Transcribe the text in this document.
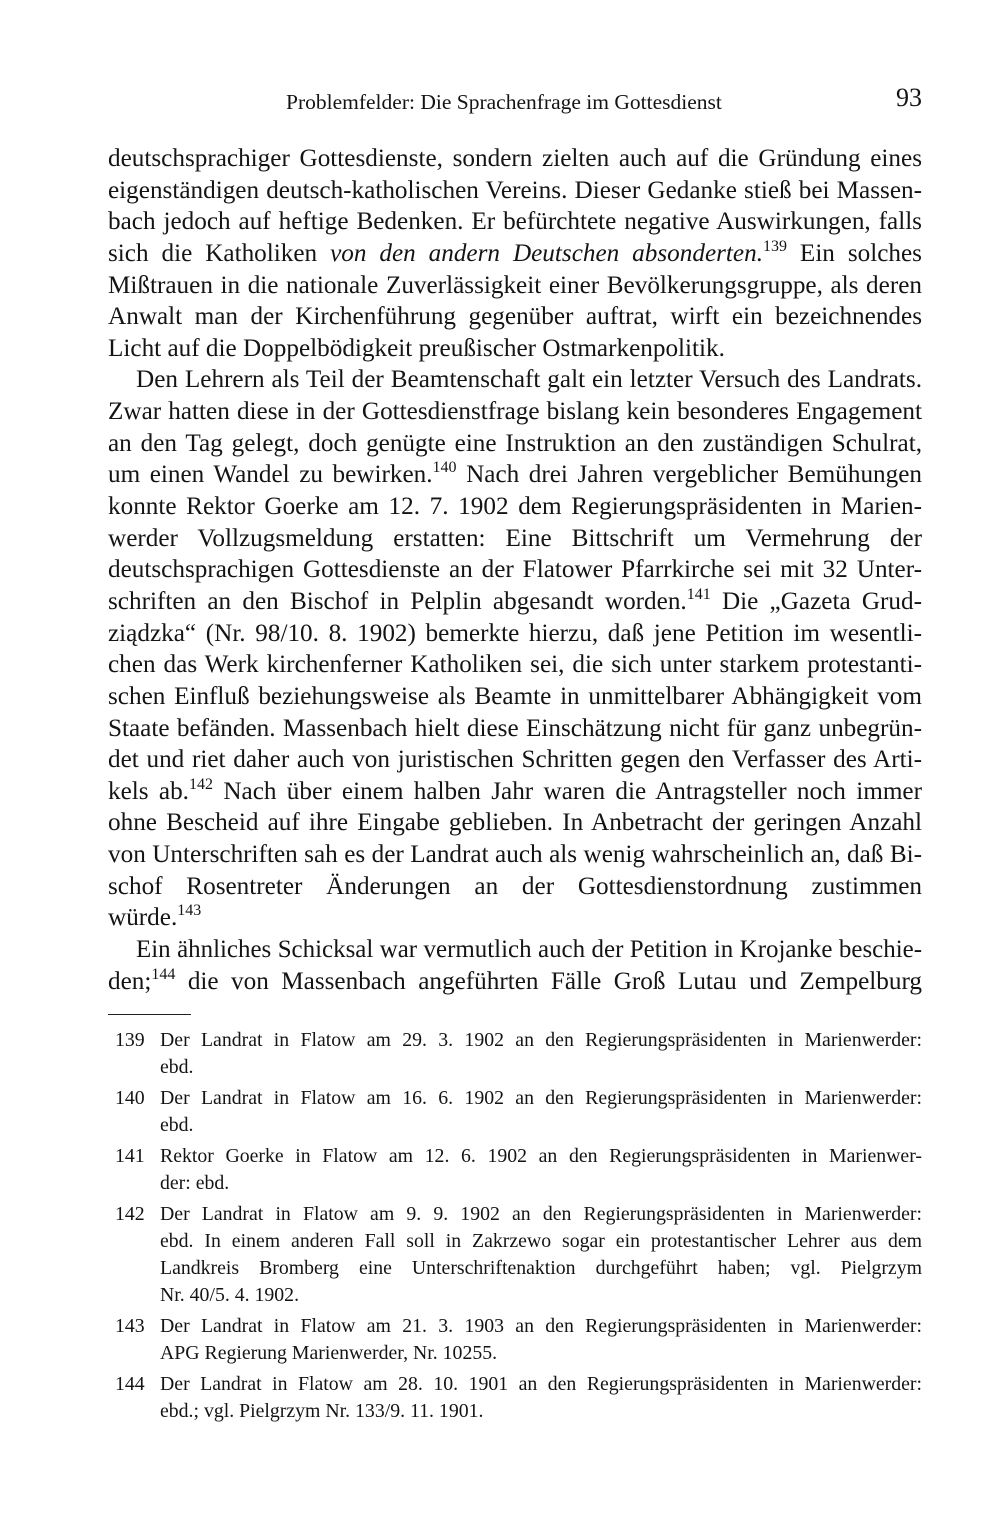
Problemfelder: Die Sprachenfrage im Gottesdienst	93
deutschsprachiger Gottesdienste, sondern zielten auch auf die Gründung eines
eigenständigen deutsch-katholischen Vereins. Dieser Gedanke stieß bei Massen-
bach jedoch auf heftige Bedenken. Er befürchtete negative Auswirkungen, falls
sich die Katholiken von den andern Deutschen absonderten.$^{139}$ Ein solches
Mißtrauen in die nationale Zuverlässigkeit einer Bevölkerungsgruppe, als deren
Anwalt man der Kirchenführung gegenüber auftrat, wirft ein bezeichnendes
Licht auf die Doppelbödigkeit preußischer Ostmarkenpolitik.
Den Lehrern als Teil der Beamtenschaft galt ein letzter Versuch des Landrats.
Zwar hatten diese in der Gottesdienstfrage bislang kein besonderes Engagement
an den Tag gelegt, doch genügte eine Instruktion an den zuständigen Schulrat,
um einen Wandel zu bewirken.$^{140}$ Nach drei Jahren vergeblicher Bemühungen
konnte Rektor Goerke am 12. 7. 1902 dem Regierungspräsidenten in Marien-
werder Vollzugsmeldung erstatten: Eine Bittschrift um Vermehrung der
deutschsprachigen Gottesdienste an der Flatower Pfarrkirche sei mit 32 Unter-
schriften an den Bischof in Pelplin abgesandt worden.$^{141}$ Die „Gazeta Grud-
ziądzka“ (Nr. 98/10. 8. 1902) bemerkte hierzu, daß jene Petition im wesentli-
chen das Werk kirchenferner Katholiken sei, die sich unter starkem protestanti-
schen Einfluß beziehungsweise als Beamte in unmittelbarer Abhängigkeit vom
Staate befänden. Massenbach hielt diese Einschätzung nicht für ganz unbegrün-
det und riet daher auch von juristischen Schritten gegen den Verfasser des Arti-
kels ab.$^{142}$ Nach über einem halben Jahr waren die Antragsteller noch immer
ohne Bescheid auf ihre Eingabe geblieben. In Anbetracht der geringen Anzahl
von Unterschriften sah es der Landrat auch als wenig wahrscheinlich an, daß Bi-
schof Rosentreter Änderungen an der Gottesdienstordnung zustimmen
würde.$^{143}$
Ein ähnliches Schicksal war vermutlich auch der Petition in Krojanke beschie-
den;$^{144}$ die von Massenbach angeführten Fälle Groß Lutau und Zempelburg
139 Der Landrat in Flatow am 29. 3. 1902 an den Regierungspräsidenten in Marienwerder:
ebd.
140 Der Landrat in Flatow am 16. 6. 1902 an den Regierungspräsidenten in Marienwerder:
ebd.
141 Rektor Goerke in Flatow am 12. 6. 1902 an den Regierungspräsidenten in Marienwer-
der: ebd.
142 Der Landrat in Flatow am 9. 9. 1902 an den Regierungspräsidenten in Marienwerder:
ebd. In einem anderen Fall soll in Zakrzewo sogar ein protestantischer Lehrer aus dem
Landkreis Bromberg eine Unterschriftenaktion durchgeführt haben; vgl. Pielgrzym
Nr. 40/5. 4. 1902.
143 Der Landrat in Flatow am 21. 3. 1903 an den Regierungspräsidenten in Marienwerder:
APG Regierung Marienwerder, Nr. 10255.
144 Der Landrat in Flatow am 28. 10. 1901 an den Regierungspräsidenten in Marienwerder:
ebd.; vgl. Pielgrzym Nr. 133/9. 11. 1901.
